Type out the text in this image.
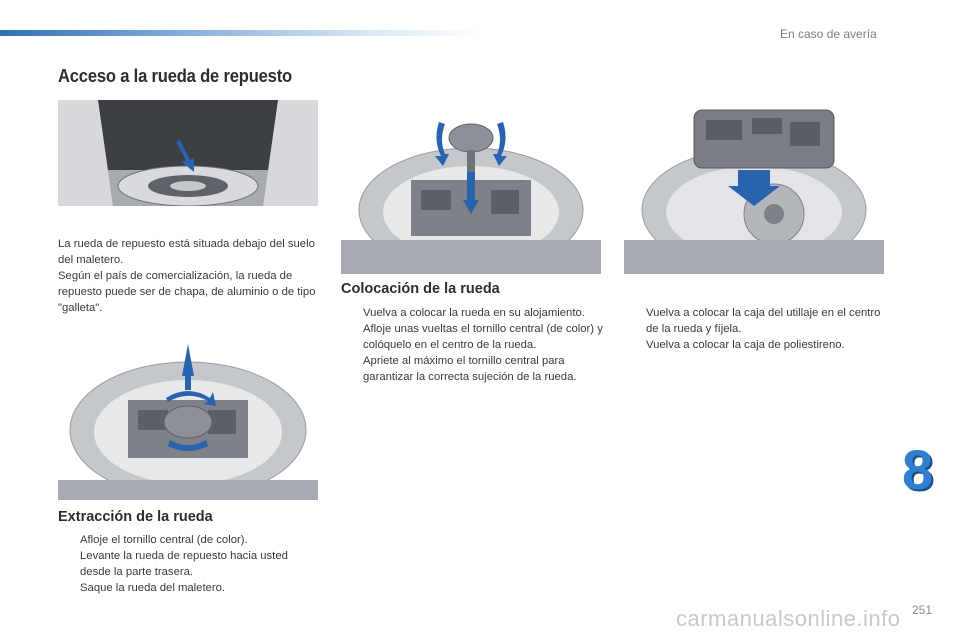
En caso de avería
Acceso a la rueda de repuesto

La rueda de repuesto está situada debajo del suelo del maletero.
Según el país de comercialización, la rueda de repuesto puede ser de chapa, de aluminio o de tipo "galleta".

Extracción de la rueda
Afloje el tornillo central (de color).
Levante la rueda de repuesto hacia usted desde la parte trasera.
Saque la rueda del maletero.
Colocación de la rueda
Vuelva a colocar la rueda en su alojamiento.
Afloje unas vueltas el tornillo central (de color) y colóquelo en el centro de la rueda.
Apriete al máximo el tornillo central para garantizar la correcta sujeción de la rueda.
Vuelva a colocar la caja del utillaje en el centro de la rueda y fíjela.
Vuelva a colocar la caja de poliestireno.
8
251
carmanualsonline.info
